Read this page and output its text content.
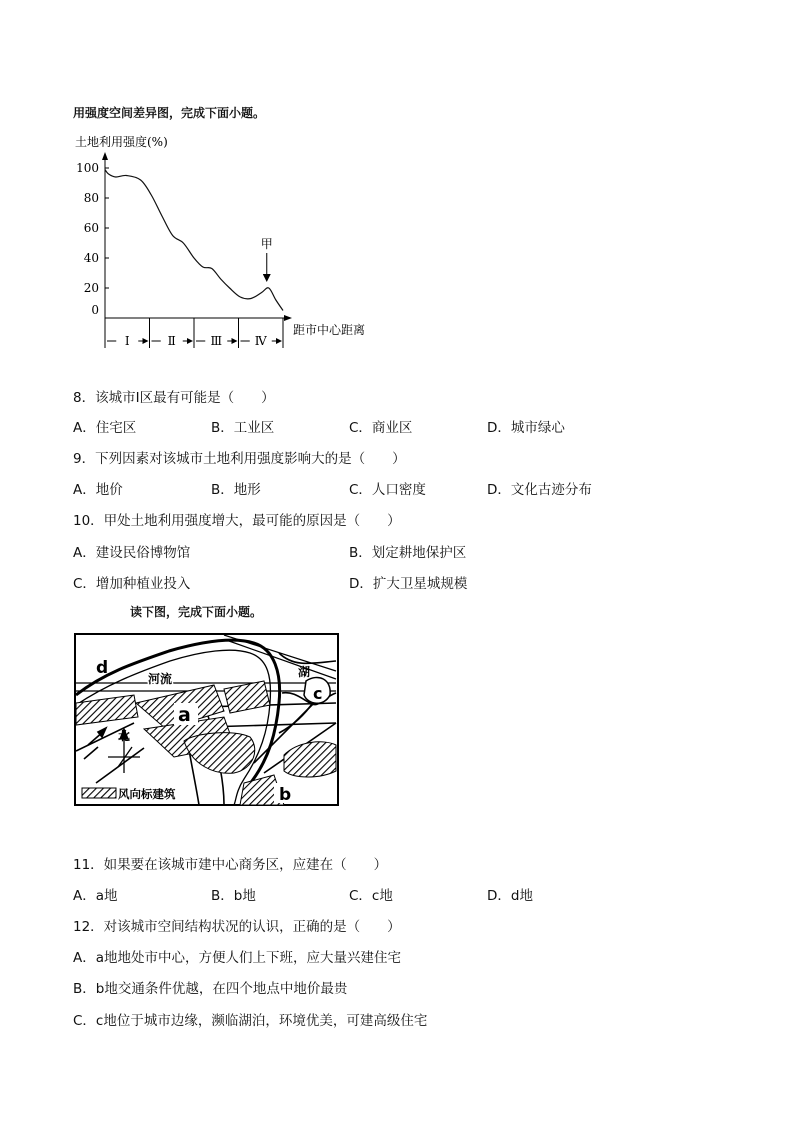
用强度空间差异图，完成下面小题。
土地利用强度(%)
距市中心距离
0
20
40
60
80
100
Ⅰ	Ⅱ	Ⅲ	Ⅳ
甲
8．该城市Ⅰ区最有可能是（　　）
A．住宅区	B．工业区	C．商业区	D．城市绿心
9．下列因素对该城市土地利用强度影响大的是（　　）
A．地价	B．地形	C．人口密度	D．文化古迹分布
10．甲处土地利用强度增大，最可能的原因是（　　）
A．建设民俗博物馆	B．划定耕地保护区
C．增加种植业投入	D．扩大卫星城规模
读下图，完成下面小题。
d
河流	湖
c
a
b
北
风向标建筑
11．如果要在该城市建中心商务区，应建在（　　）
A．a地	B．b地	C．c地	D．d地
12．对该城市空间结构状况的认识，正确的是（　　）
A．a地地处市中心，方便人们上下班，应大量兴建住宅
B．b地交通条件优越，在四个地点中地价最贵
C．c地位于城市边缘，濒临湖泊，环境优美，可建高级住宅
